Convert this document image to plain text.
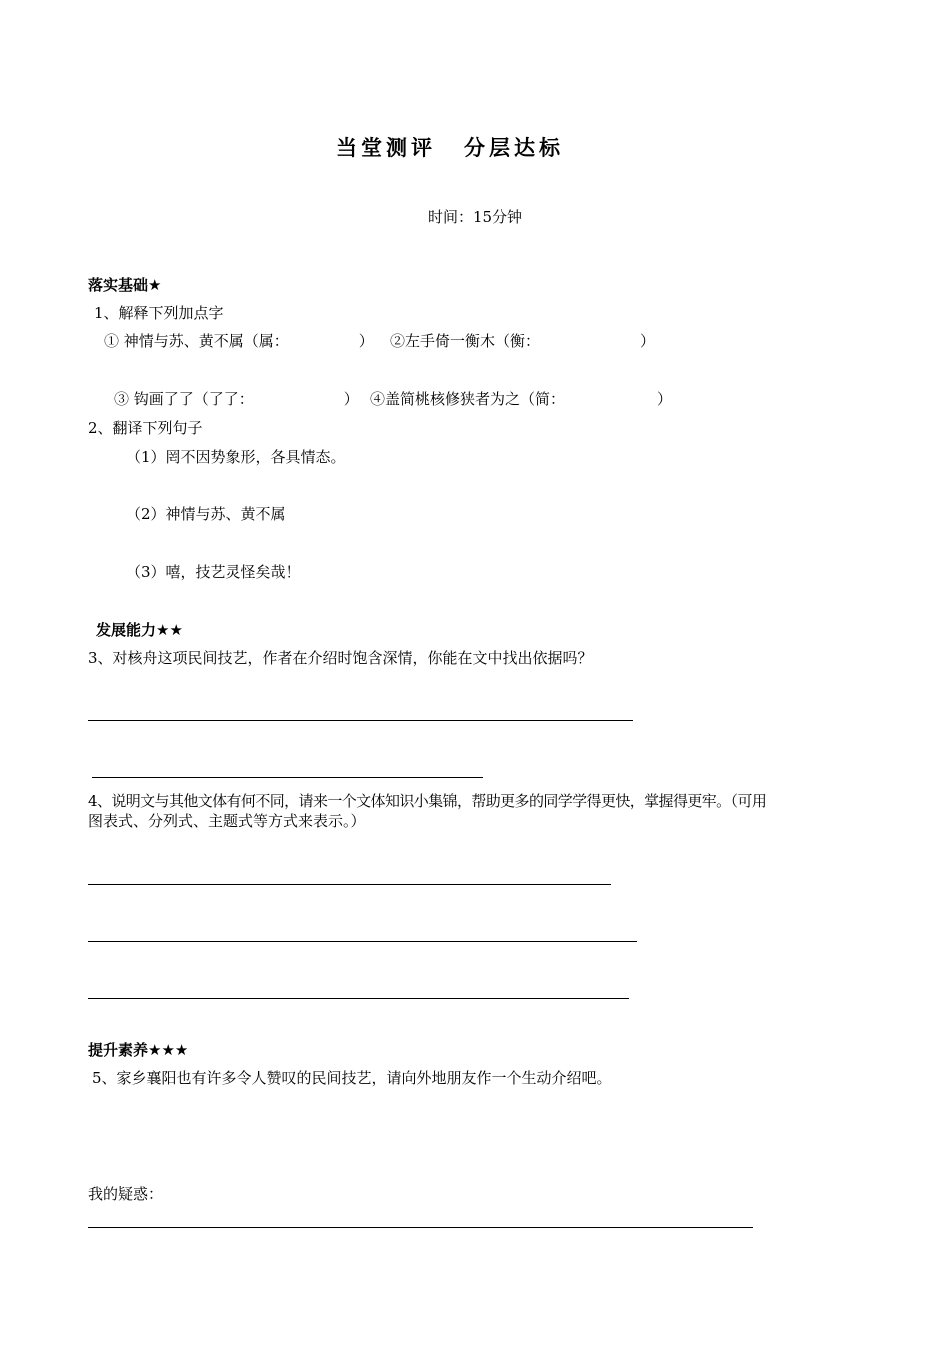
当堂测评 分层达标
时间：15分钟
落实基础★
1、解释下列加点字
① 神情与苏、黄不属（属：	） ②左手倚一衡木（衡：	）
③ 钩画了了（了了：	） ④盖简桃核修狭者为之（简：	）
2、翻译下列句子
（1）罔不因势象形，各具情态。
（2）神情与苏、黄不属
（3）嘻，技艺灵怪矣哉！
发展能力★★
3、对核舟这项民间技艺，作者在介绍时饱含深情，你能在文中找出依据吗？
4、说明文与其他文体有何不同，请来一个文体知识小集锦，帮助更多的同学学得更快，掌握得更牢。（可用
图表式、分列式、主题式等方式来表示。）
提升素养★★★
5、家乡襄阳也有许多令人赞叹的民间技艺，请向外地朋友作一个生动介绍吧。
我的疑惑：
